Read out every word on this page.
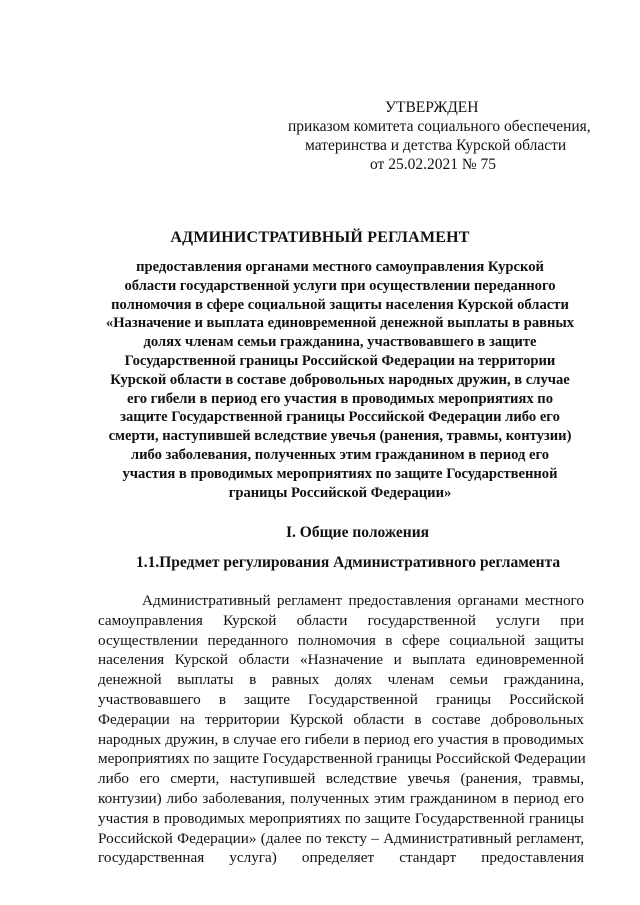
УТВЕРЖДЕН
приказом комитета социального обеспечения,
материнства и детства Курской области
от 25.02.2021 № 75
АДМИНИСТРАТИВНЫЙ РЕГЛАМЕНТ
предоставления органами местного самоуправления Курской
области государственной услуги при осуществлении переданного
полномочия в сфере социальной защиты населения Курской области
«Назначение и выплата единовременной денежной выплаты в равных
долях членам семьи гражданина, участвовавшего в защите
Государственной границы Российской Федерации на территории
Курской области в составе добровольных народных дружин, в случае
его гибели в период его участия в проводимых мероприятиях по
защите Государственной границы Российской Федерации либо его
смерти, наступившей вследствие увечья (ранения, травмы, контузии)
либо заболевания, полученных этим гражданином в период его
участия в проводимых мероприятиях по защите Государственной
границы Российской Федерации»
I. Общие положения
1.1.Предмет регулирования Административного регламента
Административный регламент предоставления органами местного
самоуправления Курской области государственной услуги при
осуществлении переданного полномочия в сфере социальной защиты
населения Курской области «Назначение и выплата единовременной
денежной выплаты в равных долях членам семьи гражданина,
участвовавшего в защите Государственной границы Российской
Федерации на территории Курской области в составе добровольных
народных дружин, в случае его гибели в период его участия в проводимых
мероприятиях по защите Государственной границы Российской Федерации
либо его смерти, наступившей вследствие увечья (ранения, травмы,
контузии) либо заболевания, полученных этим гражданином в период его
участия в проводимых мероприятиях по защите Государственной границы
Российской Федерации» (далее по тексту – Административный регламент,
государственная услуга) определяет стандарт предоставления
